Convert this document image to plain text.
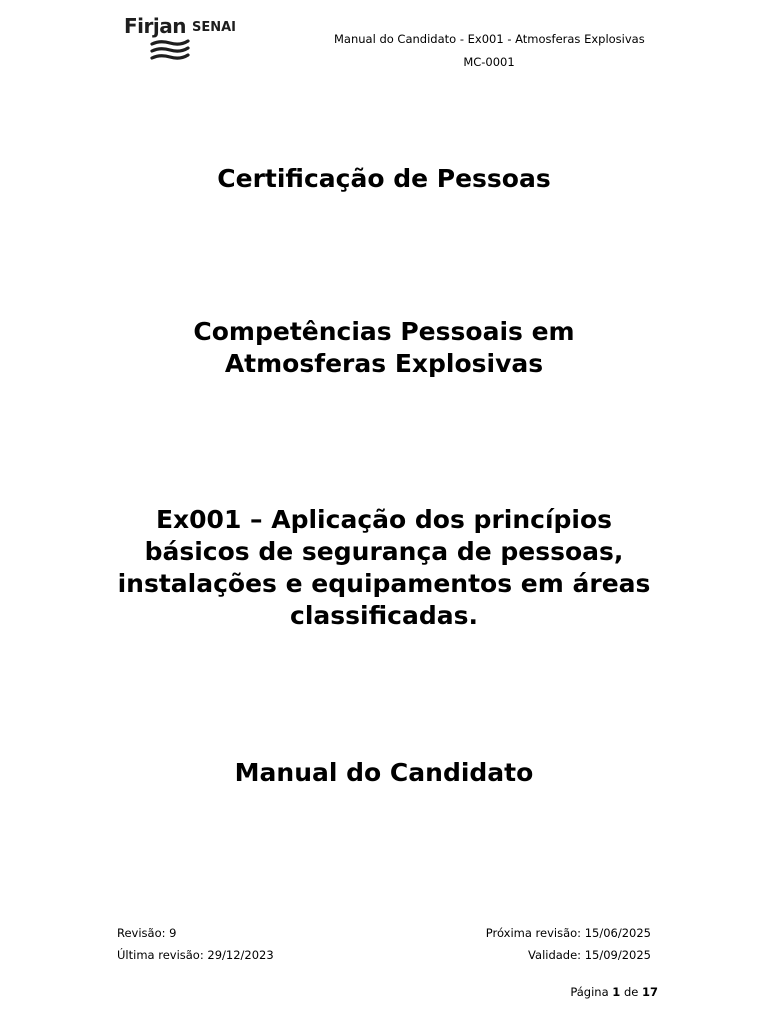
Firjan SENAI
Manual do Candidato - Ex001 - Atmosferas Explosivas
MC-0001
Certificação de Pessoas
Competências Pessoais em
Atmosferas Explosivas
Ex001 – Aplicação dos princípios
básicos de segurança de pessoas,
instalações e equipamentos em áreas
classificadas.
Manual do Candidato
Revisão: 9
Última revisão: 29/12/2023
Próxima revisão: 15/06/2025
Validade: 15/09/2025
Página 1 de 17
